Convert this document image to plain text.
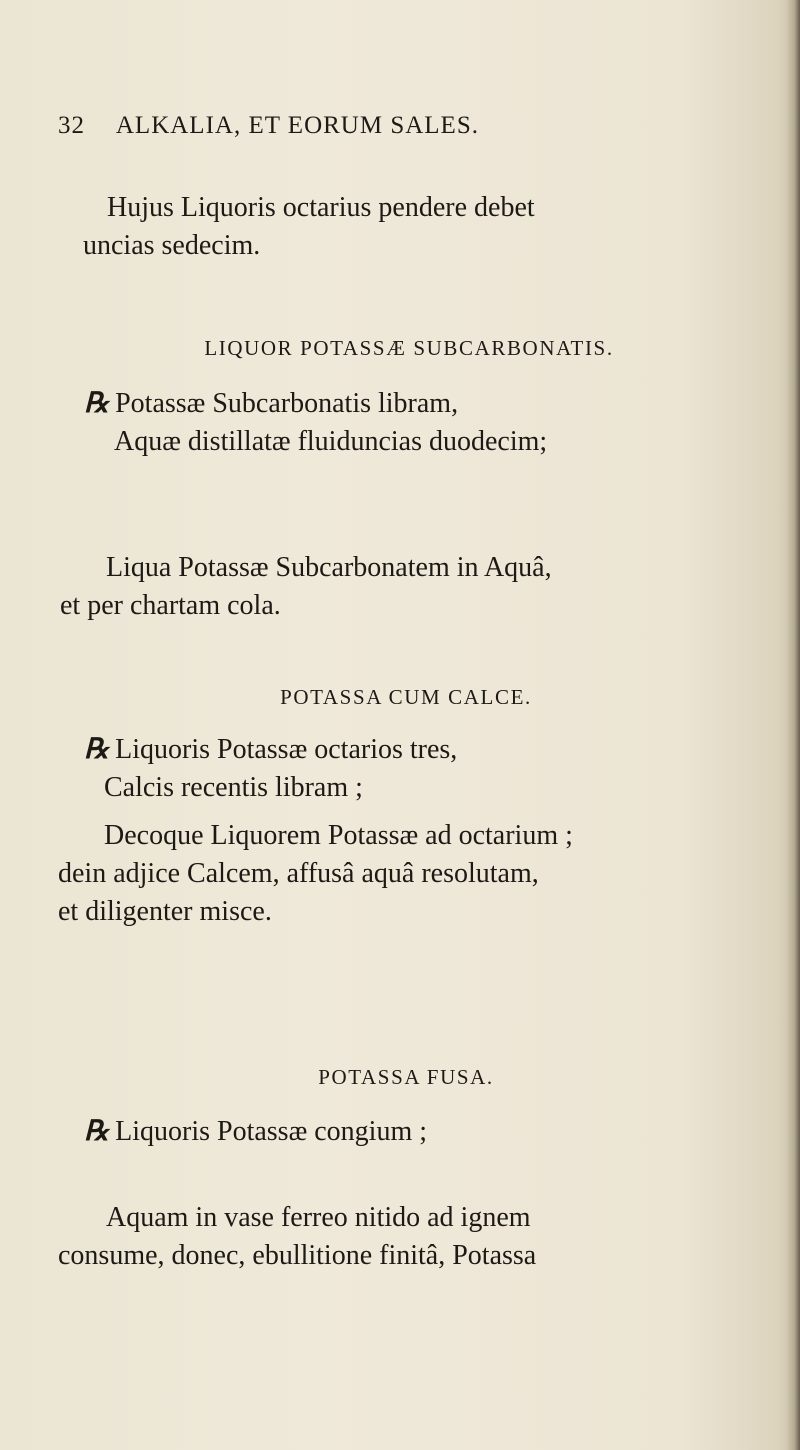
32 ALKALIA, ET EORUM SALES.
Hujus Liquoris octarius pendere debet
uncias sedecim.
LIQUOR POTASSÆ SUBCARBONATIS.
℞ Potassæ Subcarbonatis libram,
Aquæ distillatæ fluiduncias duodecim;
Liqua Potassæ Subcarbonatem in Aquâ,
et per chartam cola.
POTASSA CUM CALCE.
℞ Liquoris Potassæ octarios tres,
Calcis recentis libram ;
Decoque Liquorem Potassæ ad octarium ;
dein adjice Calcem, affusâ aquâ resolutam,
et diligenter misce.
POTASSA FUSA.
℞ Liquoris Potassæ congium ;
Aquam in vase ferreo nitido ad ignem
consume, donec, ebullitione finitâ, Potassa
